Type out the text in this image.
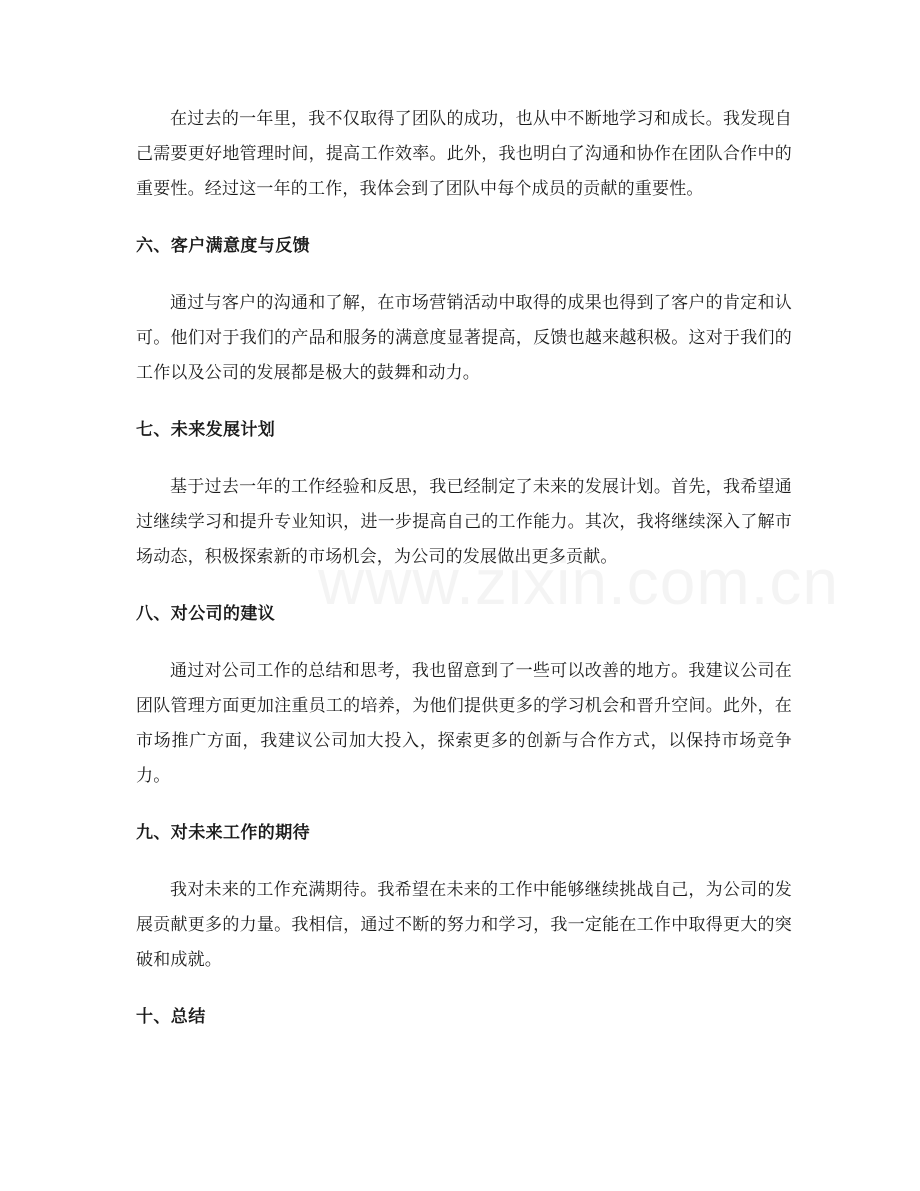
在过去的一年里，我不仅取得了团队的成功，也从中不断地学习和成长。我发现自己需要更好地管理时间，提高工作效率。此外，我也明白了沟通和协作在团队合作中的重要性。经过这一年的工作，我体会到了团队中每个成员的贡献的重要性。

六、客户满意度与反馈

通过与客户的沟通和了解，在市场营销活动中取得的成果也得到了客户的肯定和认可。他们对于我们的产品和服务的满意度显著提高，反馈也越来越积极。这对于我们的工作以及公司的发展都是极大的鼓舞和动力。

七、未来发展计划

基于过去一年的工作经验和反思，我已经制定了未来的发展计划。首先，我希望通过继续学习和提升专业知识，进一步提高自己的工作能力。其次，我将继续深入了解市场动态，积极探索新的市场机会，为公司的发展做出更多贡献。

八、对公司的建议

通过对公司工作的总结和思考，我也留意到了一些可以改善的地方。我建议公司在团队管理方面更加注重员工的培养，为他们提供更多的学习机会和晋升空间。此外，在市场推广方面，我建议公司加大投入，探索更多的创新与合作方式，以保持市场竞争力。

九、对未来工作的期待

我对未来的工作充满期待。我希望在未来的工作中能够继续挑战自己，为公司的发展贡献更多的力量。我相信，通过不断的努力和学习，我一定能在工作中取得更大的突破和成就。

十、总结
